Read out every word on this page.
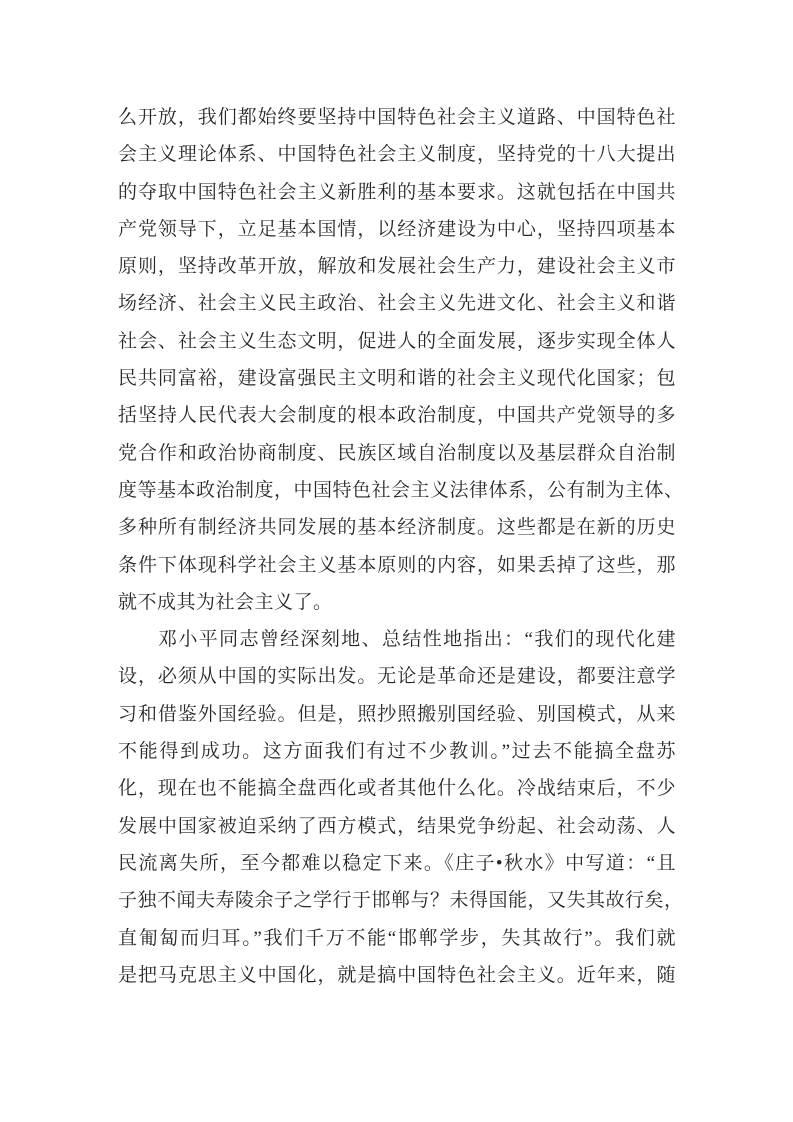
么开放，我们都始终要坚持中国特色社会主义道路、中国特色社
会主义理论体系、中国特色社会主义制度，坚持党的十八大提出
的夺取中国特色社会主义新胜利的基本要求。这就包括在中国共
产党领导下，立足基本国情，以经济建设为中心，坚持四项基本
原则，坚持改革开放，解放和发展社会生产力，建设社会主义市
场经济、社会主义民主政治、社会主义先进文化、社会主义和谐
社会、社会主义生态文明，促进人的全面发展，逐步实现全体人
民共同富裕，建设富强民主文明和谐的社会主义现代化国家；包
括坚持人民代表大会制度的根本政治制度，中国共产党领导的多
党合作和政治协商制度、民族区域自治制度以及基层群众自治制
度等基本政治制度，中国特色社会主义法律体系，公有制为主体、
多种所有制经济共同发展的基本经济制度。这些都是在新的历史
条件下体现科学社会主义基本原则的内容，如果丢掉了这些，那
就不成其为社会主义了。
邓小平同志曾经深刻地、总结性地指出：“我们的现代化建
设，必须从中国的实际出发。无论是革命还是建设，都要注意学
习和借鉴外国经验。但是，照抄照搬别国经验、别国模式，从来
不能得到成功。这方面我们有过不少教训。”过去不能搞全盘苏
化，现在也不能搞全盘西化或者其他什么化。冷战结束后，不少
发展中国家被迫采纳了西方模式，结果党争纷起、社会动荡、人
民流离失所，至今都难以稳定下来。《庄子•秋水》中写道：“且
子独不闻夫寿陵余子之学行于邯郸与？未得国能，又失其故行矣，
直匍匐而归耳。”我们千万不能“邯郸学步，失其故行”。我们就
是把马克思主义中国化，就是搞中国特色社会主义。近年来，随
